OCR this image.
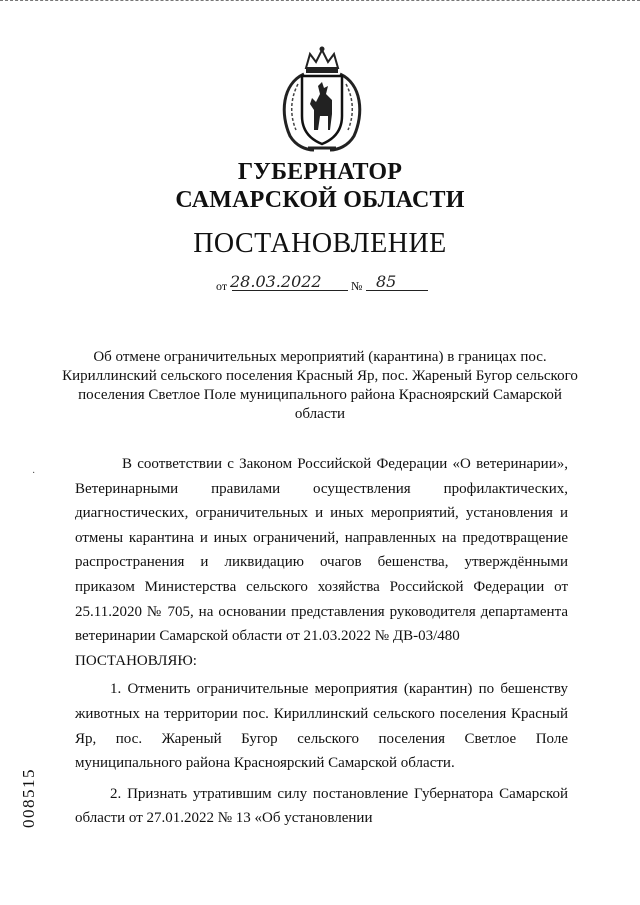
ГУБЕРНАТОР
САМАРСКОЙ ОБЛАСТИ
ПОСТАНОВЛЕНИЕ
от 28.03.2022 № 85
Об отмене ограничительных мероприятий (карантина) в границах пос. Кириллинский сельского поселения Красный Яр, пос. Жареный Бугор сельского поселения Светлое Поле муниципального района Красноярский Самарской области

В соответствии с Законом Российской Федерации «О ветеринарии», Ветеринарными правилами осуществления профилактических, диагностических, ограничительных и иных мероприятий, установления и отмены карантина и иных ограничений, направленных на предотвращение распространения и ликвидацию очагов бешенства, утверждёнными приказом Министерства сельского хозяйства Российской Федерации от 25.11.2020 № 705, на основании представления руководителя департамента ветеринарии Самарской области от 21.03.2022 № ДВ-03/480

ПОСТАНОВЛЯЮ:

1. Отменить ограничительные мероприятия (карантин) по бешенству животных на территории пос. Кириллинский сельского поселения Красный Яр, пос. Жареный Бугор сельского поселения Светлое Поле муниципального района Красноярский Самарской области.

2. Признать утратившим силу постановление Губернатора Самарской области от 27.01.2022 № 13 «Об установлении

·
008515
